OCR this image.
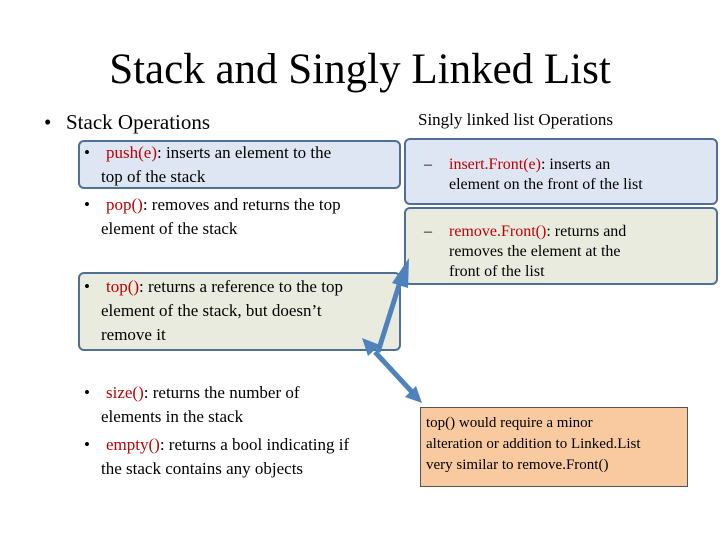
Stack and Singly Linked List
• Stack Operations
• push(e): inserts an element to the
top of the stack
• pop(): removes and returns the top
element of the stack
• top(): returns a reference to the top
element of the stack, but doesn’t
remove it
• size(): returns the number of
elements in the stack
• empty(): returns a bool indicating if
the stack contains any objects
Singly linked list Operations
– insert.Front(e): inserts an
element on the front of the list
– remove.Front(): returns and
removes the element at the
front of the list
top() would require a minor
alteration or addition to Linked.List
very similar to remove.Front()
